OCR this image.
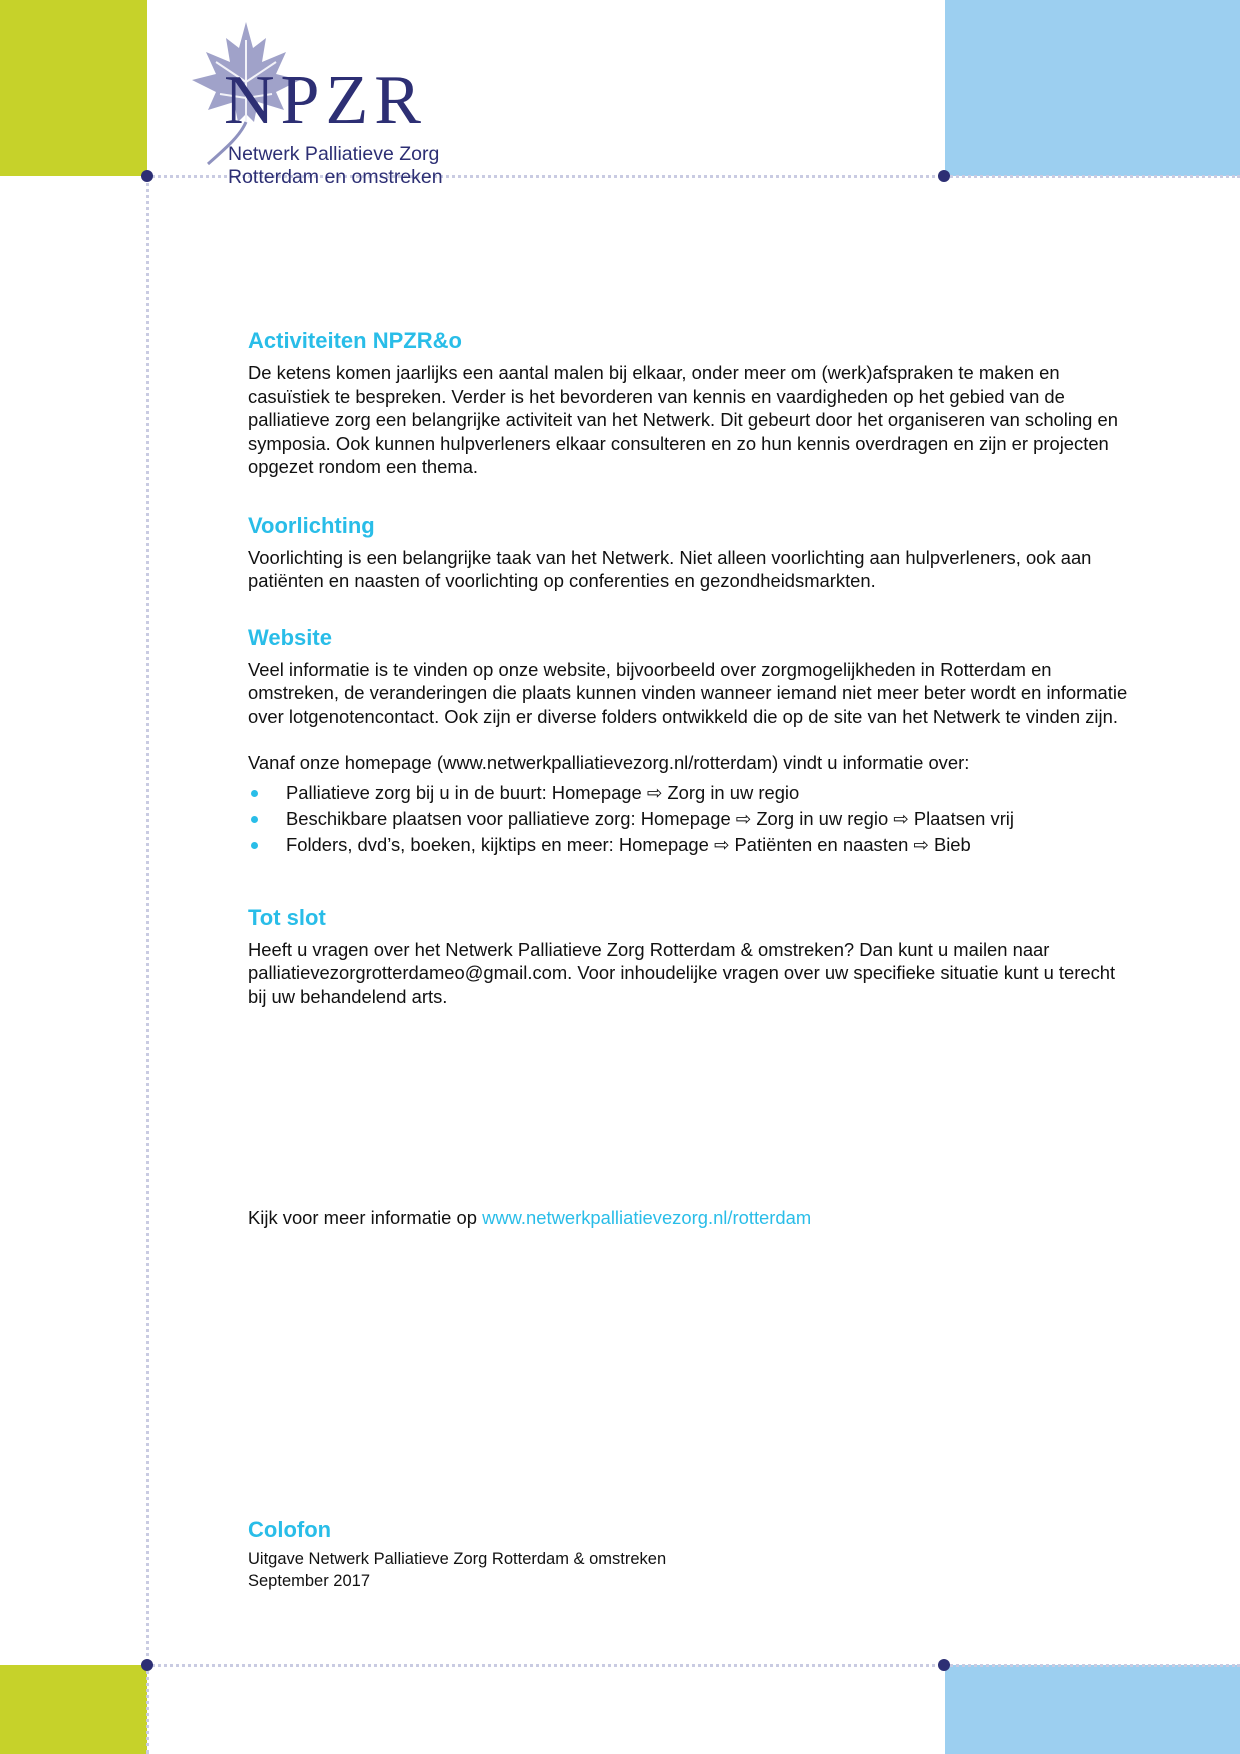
NPZR

Netwerk Palliatieve Zorg

Rotterdam en omstreken

Activiteiten NPZR&o

De ketens komen jaarlijks een aantal malen bij elkaar, onder meer om (werk)afspraken te maken en casuïstiek te bespreken. Verder is het bevorderen van kennis en vaardigheden op het gebied van de palliatieve zorg een belangrijke activiteit van het Netwerk. Dit gebeurt door het organiseren van scholing en symposia. Ook kunnen hulpverleners elkaar consulteren en zo hun kennis overdragen en zijn er projecten opgezet rondom een thema.

Voorlichting

Voorlichting is een belangrijke taak van het Netwerk. Niet alleen voorlichting aan hulpverleners, ook aan patiënten en naasten of voorlichting op conferenties en gezondheidsmarkten.

Website

Veel informatie is te vinden op onze website, bijvoorbeeld over zorgmogelijkheden in Rotterdam en omstreken, de veranderingen die plaats kunnen vinden wanneer iemand niet meer beter wordt en informatie over lotgenotencontact. Ook zijn er diverse folders ontwikkeld die op de site van het Netwerk te vinden zijn.

Vanaf onze homepage (www.netwerkpalliatievezorg.nl/rotterdam) vindt u informatie over:

Palliatieve zorg bij u in de buurt: Homepage ⇨ Zorg in uw regio
Beschikbare plaatsen voor palliatieve zorg: Homepage ⇨ Zorg in uw regio ⇨ Plaatsen vrij
Folders, dvd’s, boeken, kijktips en meer: Homepage ⇨ Patiënten en naasten ⇨ Bieb
Tot slot

Heeft u vragen over het Netwerk Palliatieve Zorg Rotterdam & omstreken? Dan kunt u mailen naar palliatievezorgrotterdameo@gmail.com. Voor inhoudelijke vragen over uw specifieke situatie kunt u terecht bij uw behandelend arts.

Kijk voor meer informatie op www.netwerkpalliatievezorg.nl/rotterdam

Colofon

Uitgave Netwerk Palliatieve Zorg Rotterdam & omstreken

September 2017
